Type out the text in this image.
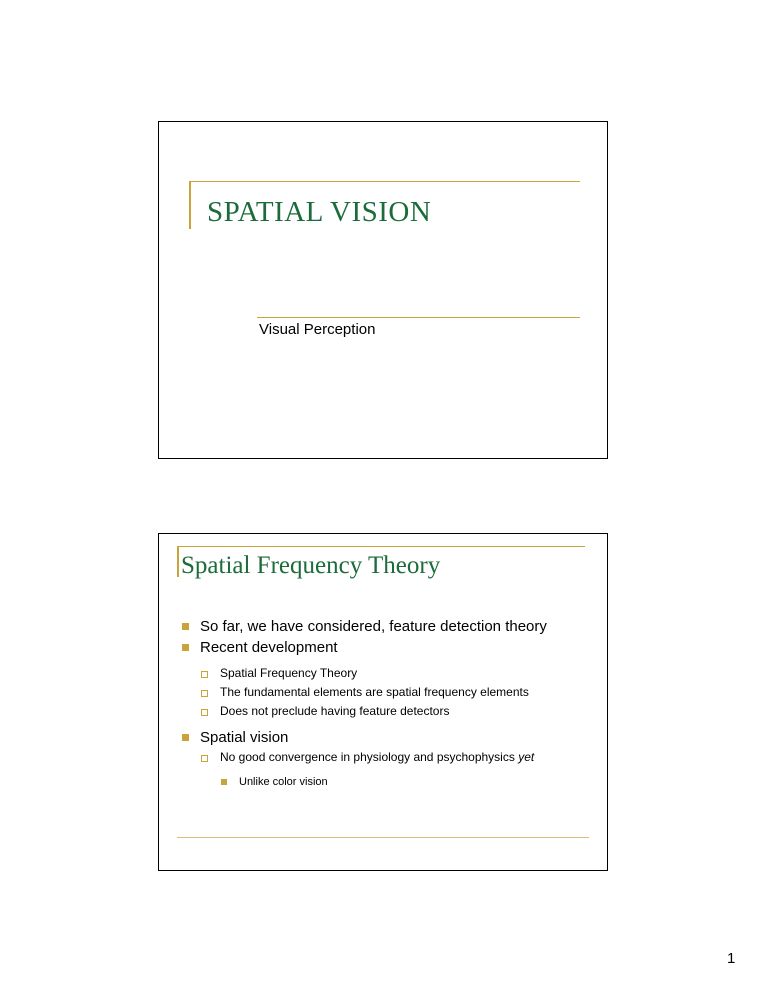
SPATIAL VISION
Visual Perception
Spatial Frequency Theory
So far, we have considered, feature detection theory
Recent development
Spatial Frequency Theory
The fundamental elements are spatial frequency elements
Does not preclude having feature detectors
Spatial vision
No good convergence in physiology and psychophysics yet
Unlike color vision
1
